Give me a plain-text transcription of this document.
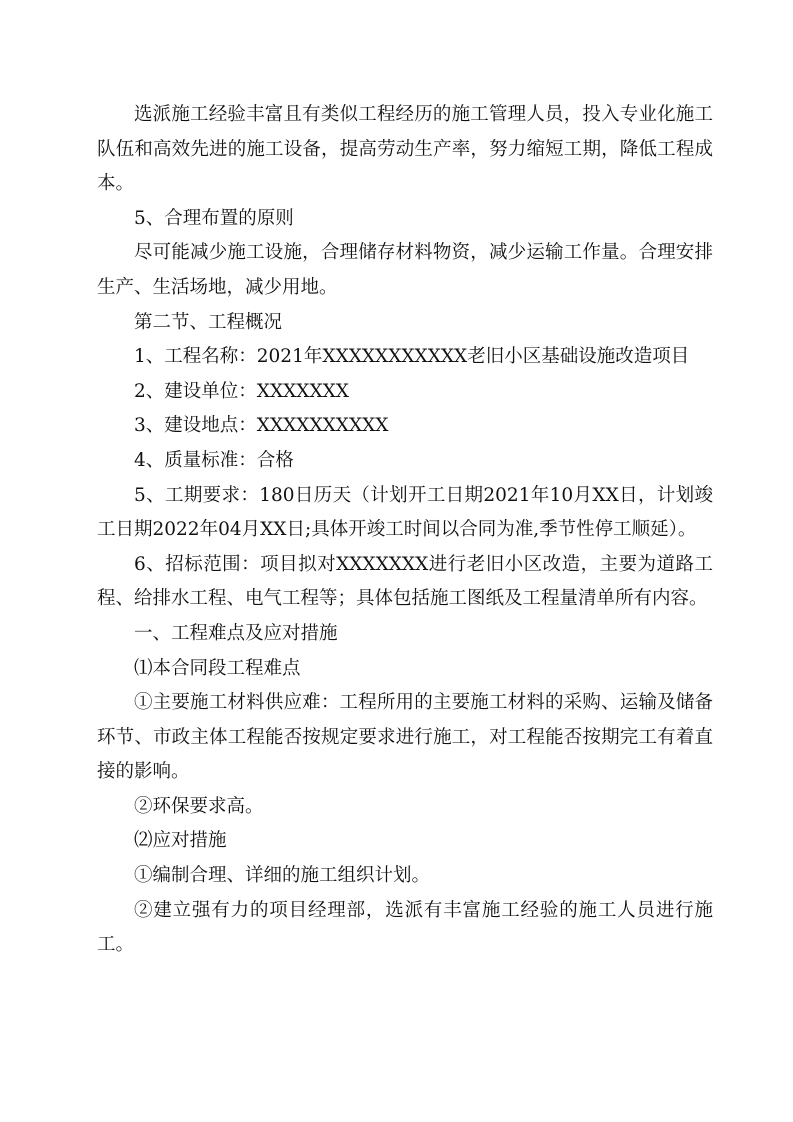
选派施工经验丰富且有类似工程经历的施工管理人员，投入专业化施工队伍和高效先进的施工设备，提高劳动生产率，努力缩短工期，降低工程成本。

5、合理布置的原则

尽可能减少施工设施，合理储存材料物资，减少运输工作量。合理安排生产、生活场地，减少用地。

第二节、工程概况

1、工程名称：2021年XXXXXXXXXXX老旧小区基础设施改造项目

2、建设单位：XXXXXXX

3、建设地点：XXXXXXXXXX

4、质量标准：合格

5、工期要求：180日历天（计划开工日期2021年10月XX日，计划竣工日期2022年04月XX日;具体开竣工时间以合同为准,季节性停工顺延）。

6、招标范围：项目拟对XXXXXXX进行老旧小区改造，主要为道路工程、给排水工程、电气工程等；具体包括施工图纸及工程量清单所有内容。

一、工程难点及应对措施

⑴本合同段工程难点

①主要施工材料供应难：工程所用的主要施工材料的采购、运输及储备环节、市政主体工程能否按规定要求进行施工，对工程能否按期完工有着直接的影响。

②环保要求高。

⑵应对措施

①编制合理、详细的施工组织计划。

②建立强有力的项目经理部，选派有丰富施工经验的施工人员进行施工。
